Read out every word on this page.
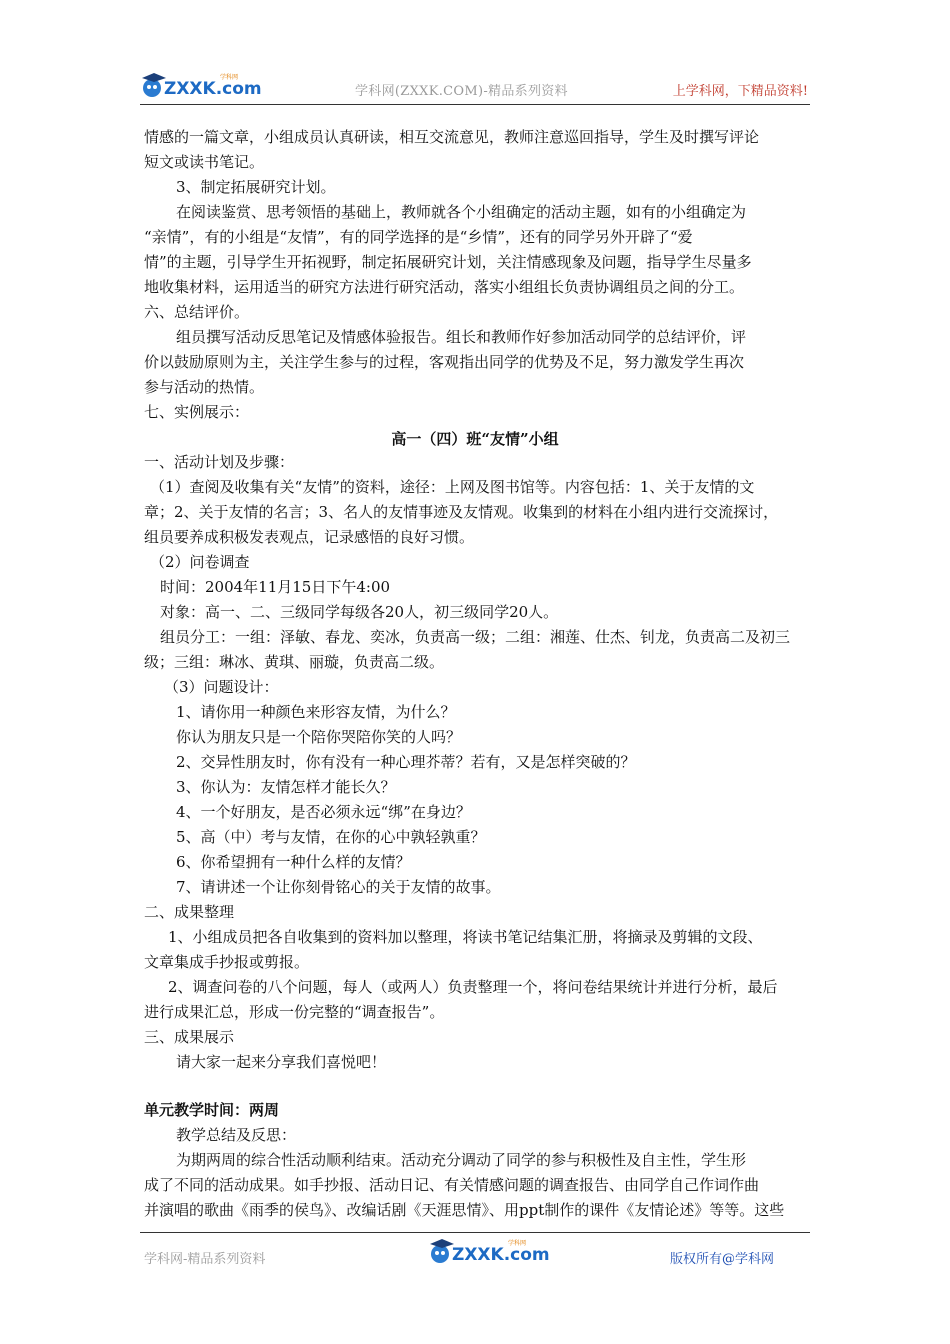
ZXXK.com
学科网
学科网(ZXXK.COM)-精品系列资料	上学科网，下精品资料!
情感的一篇文章，小组成员认真研读，相互交流意见，教师注意巡回指导，学生及时撰写评论
短文或读书笔记。
3、制定拓展研究计划。
在阅读鉴赏、思考领悟的基础上，教师就各个小组确定的活动主题，如有的小组确定为
“亲情”，有的小组是“友情”，有的同学选择的是“乡情”，还有的同学另外开辟了“爱
情”的主题，引导学生开拓视野，制定拓展研究计划，关注情感现象及问题，指导学生尽量多
地收集材料，运用适当的研究方法进行研究活动，落实小组组长负责协调组员之间的分工。
六、总结评价。
组员撰写活动反思笔记及情感体验报告。组长和教师作好参加活动同学的总结评价，评
价以鼓励原则为主，关注学生参与的过程，客观指出同学的优势及不足，努力激发学生再次
参与活动的热情。
七、实例展示：
高一（四）班“友情”小组
一、活动计划及步骤：
（1）查阅及收集有关“友情”的资料，途径：上网及图书馆等。内容包括：1、关于友情的文
章；2、关于友情的名言；3、名人的友情事迹及友情观。收集到的材料在小组内进行交流探讨，
组员要养成积极发表观点，记录感悟的良好习惯。
（2）问卷调查
时间：2004年11月15日下午4:00
对象：高一、二、三级同学每级各20人，初三级同学20人。
组员分工：一组：泽敏、春龙、奕冰，负责高一级；二组：湘莲、仕杰、钊龙，负责高二及初三
级；三组：琳冰、黄琪、丽璇，负责高二级。
（3）问题设计：
1、请你用一种颜色来形容友情，为什么？
你认为朋友只是一个陪你哭陪你笑的人吗？
2、交异性朋友时，你有没有一种心理芥蒂？若有，又是怎样突破的？
3、你认为：友情怎样才能长久？
4、一个好朋友，是否必须永远“绑”在身边？
5、高（中）考与友情，在你的心中孰轻孰重？
6、你希望拥有一种什么样的友情？
7、请讲述一个让你刻骨铭心的关于友情的故事。
二、成果整理
1、小组成员把各自收集到的资料加以整理，将读书笔记结集汇册，将摘录及剪辑的文段、
文章集成手抄报或剪报。
2、调查问卷的八个问题，每人（或两人）负责整理一个，将问卷结果统计并进行分析，最后
进行成果汇总，形成一份完整的“调查报告”。
三、成果展示
请大家一起来分享我们喜悦吧！
单元教学时间：两周
教学总结及反思：
为期两周的综合性活动顺利结束。活动充分调动了同学的参与积极性及自主性，学生形
成了不同的活动成果。如手抄报、活动日记、有关情感问题的调查报告、由同学自己作词作曲
并演唱的歌曲《雨季的侯鸟》、改编话剧《天涯思情》、用ppt制作的课件《友情论述》等等。这些
学科网-精品系列资料	ZXXK.com
学科网
版权所有@学科网
